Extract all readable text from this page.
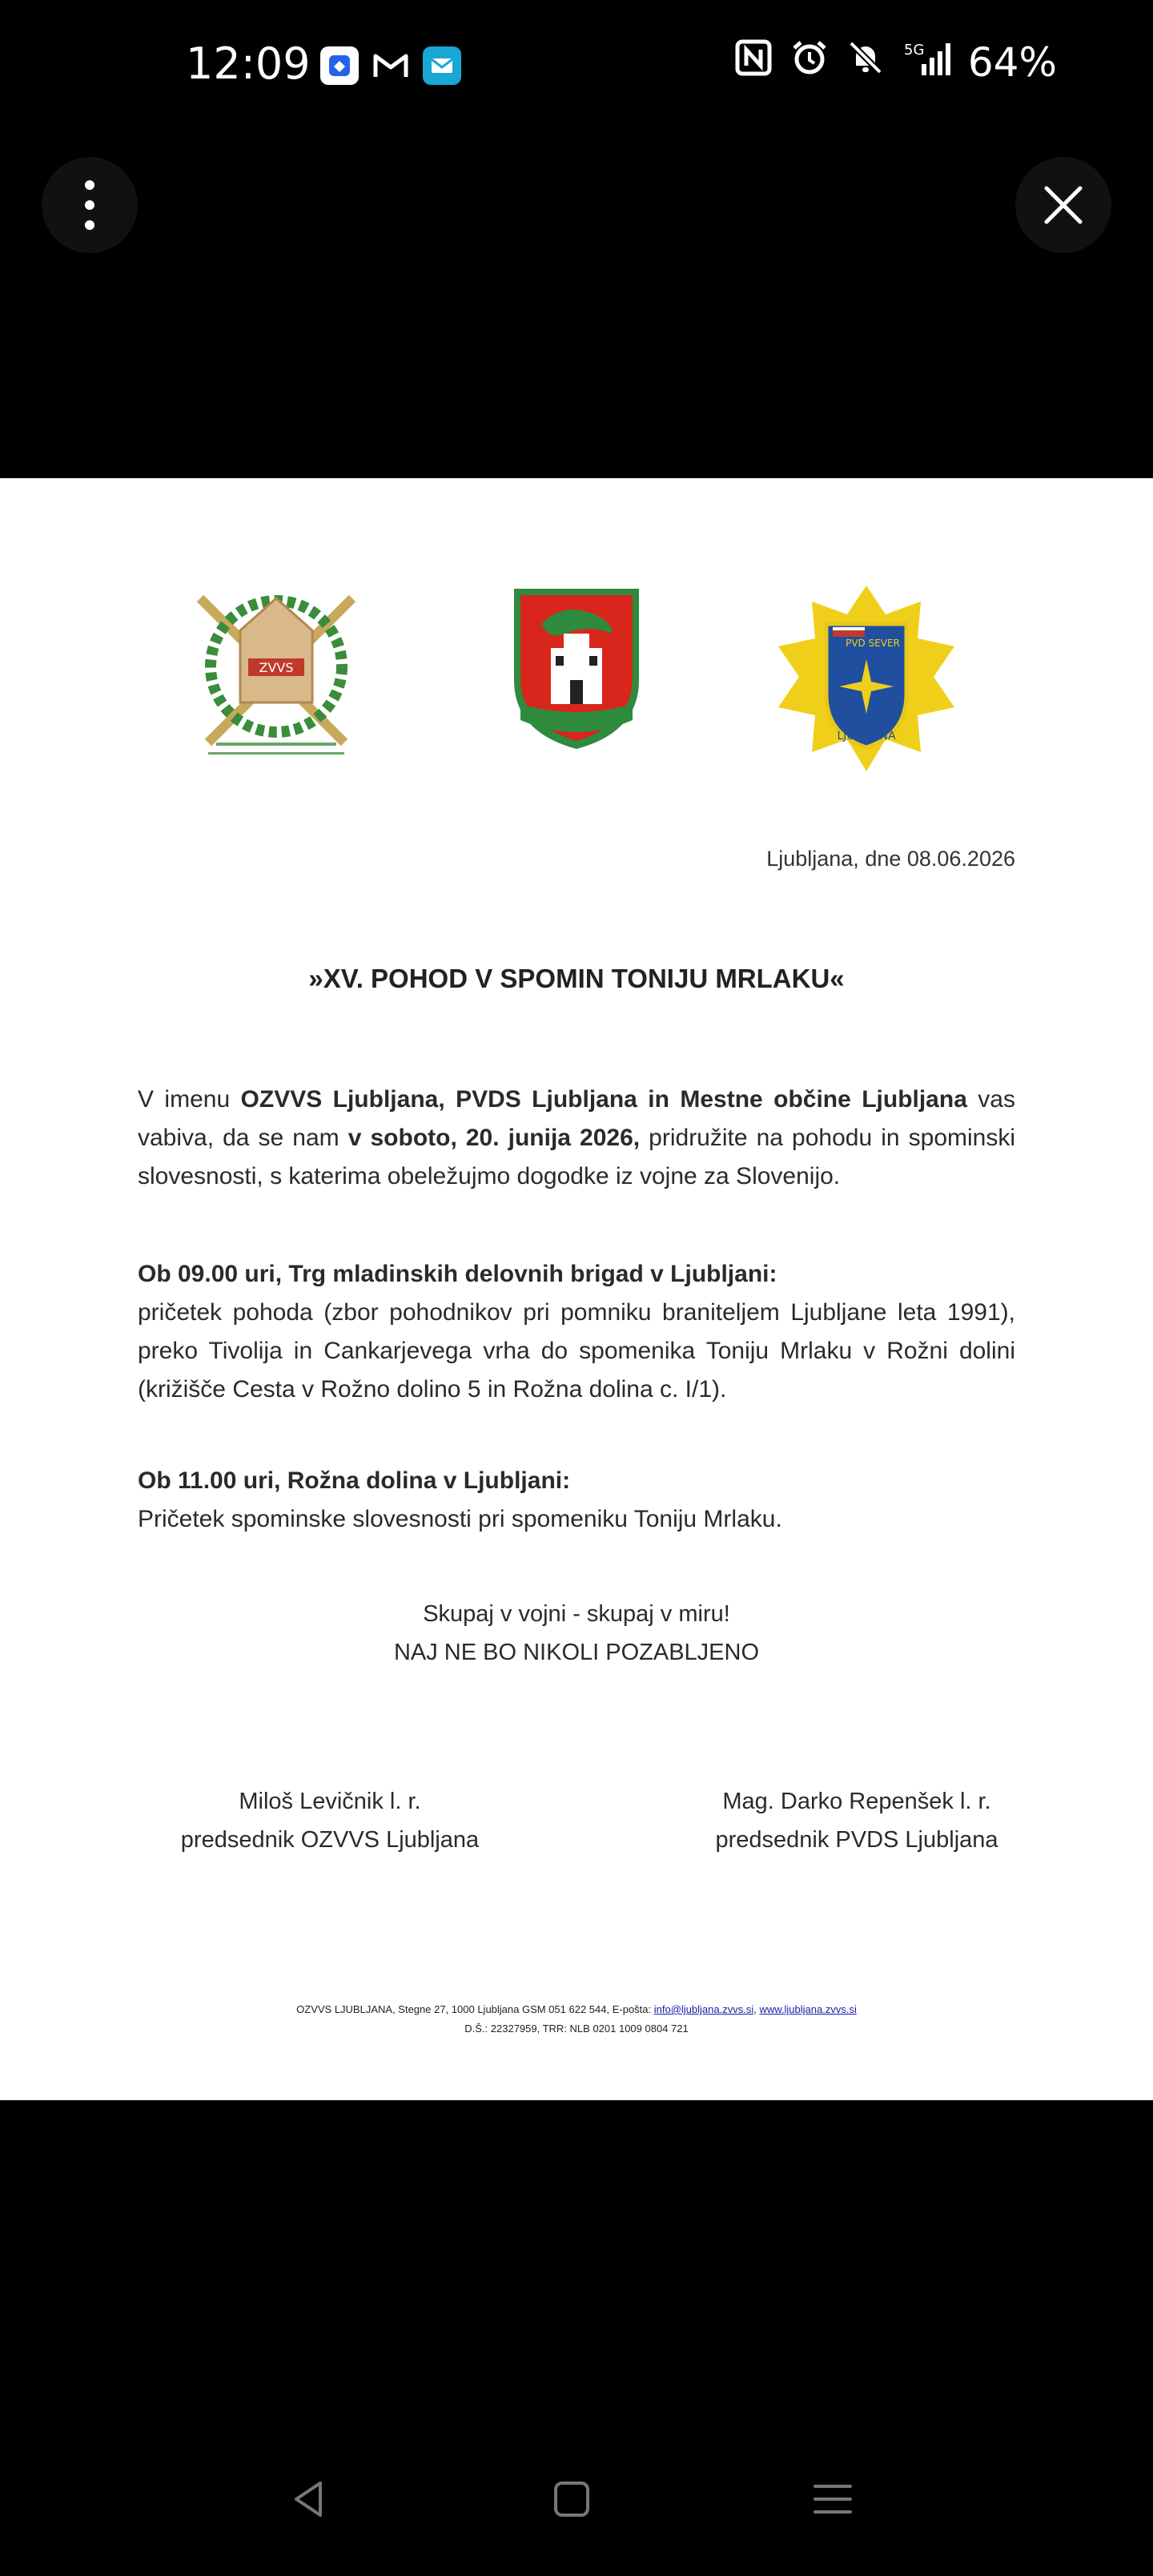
12:09	5G 64%
ZVVS
PVD SEVER
LJUBLJANA
Ljubljana, dne 08.06.2026
»XV. POHOD V SPOMIN TONIJU MRLAKU«
V imenu OZVVS Ljubljana, PVDS Ljubljana in Mestne občine Ljubljana vas vabiva, da se nam v soboto, 20. junija 2026, pridružite na pohodu in spominski slovesnosti, s katerima obeležujmo dogodke iz vojne za Slovenijo.
Ob 09.00 uri, Trg mladinskih delovnih brigad v Ljubljani:
pričetek pohoda (zbor pohodnikov pri pomniku braniteljem Ljubljane leta 1991), preko Tivolija in Cankarjevega vrha do spomenika Toniju Mrlaku v Rožni dolini (križišče Cesta v Rožno dolino 5 in Rožna dolina c. I/1).
Ob 11.00 uri, Rožna dolina v Ljubljani:
Pričetek spominske slovesnosti pri spomeniku Toniju Mrlaku.
Skupaj v vojni - skupaj v miru!
NAJ NE BO NIKOLI POZABLJENO
Miloš Levičnik l. r.
predsednik OZVVS Ljubljana
Mag. Darko Repenšek l. r.
predsednik PVDS Ljubljana
OZVVS LJUBLJANA, Stegne 27, 1000 Ljubljana GSM 051 622 544, E-pošta: info@ljubljana.zvvs.si, www.ljubljana.zvvs.si
D.Š.: 22327959, TRR: NLB 0201 1009 0804 721
